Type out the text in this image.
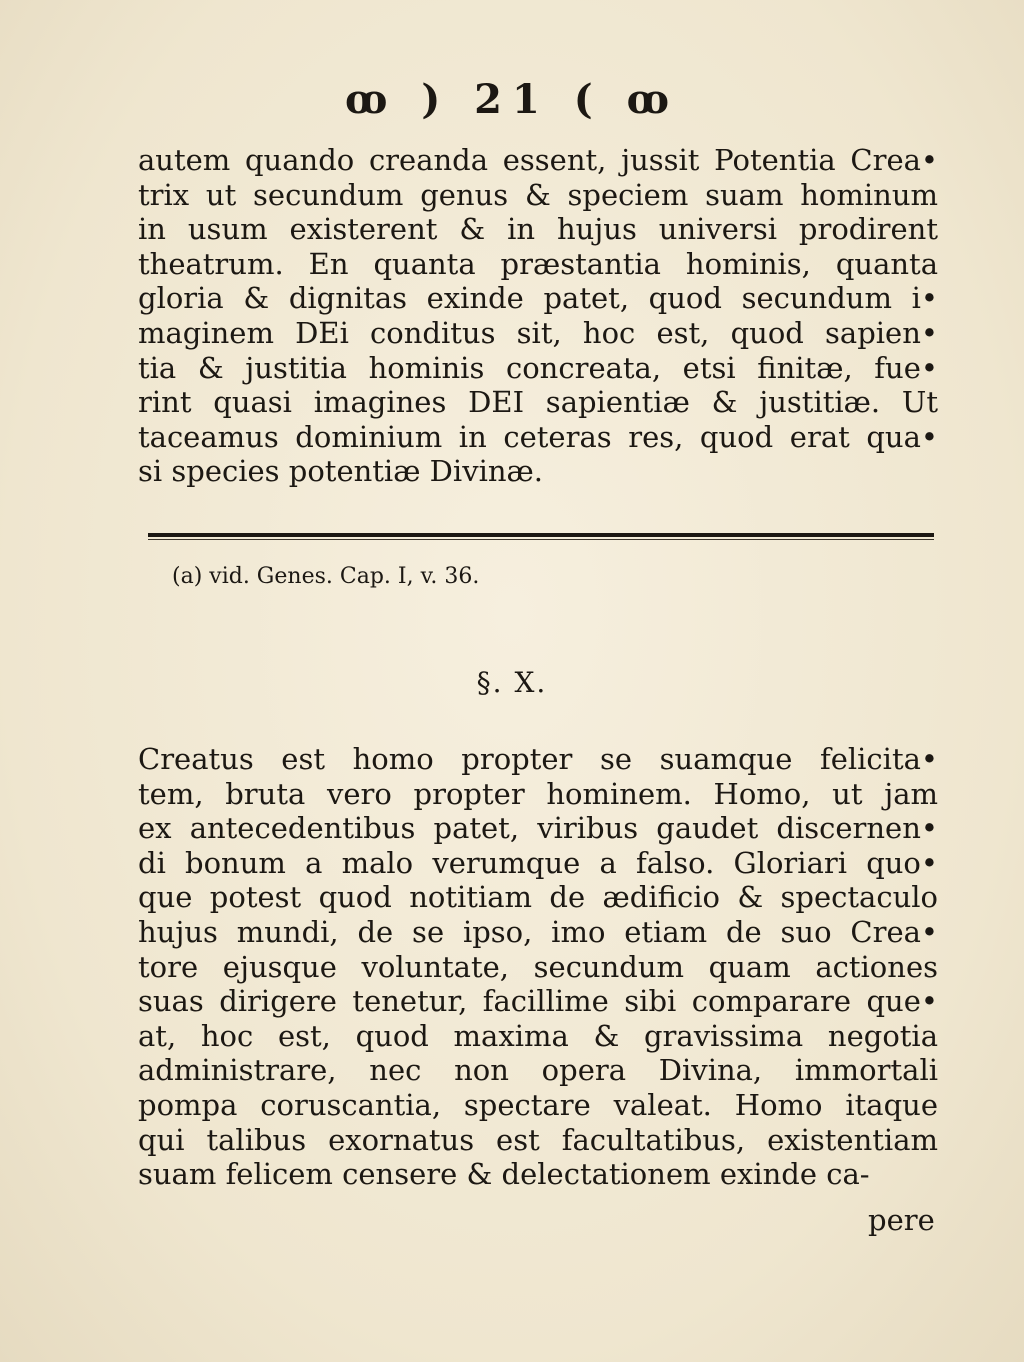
ꝏ ) 21 ( ꝏ
autem quando creanda essent, jussit Potentia Crea•
trix ut secundum genus & speciem suam hominum
in usum existerent & in hujus universi prodirent
theatrum. En quanta præstantia hominis, quanta
gloria & dignitas exinde patet, quod secundum i•
maginem DEi conditus sit, hoc est, quod sapien•
tia & justitia hominis concreata, etsi finitæ, fue•
rint quasi imagines DEI sapientiæ & justitiæ. Ut
taceamus dominium in ceteras res, quod erat qua•
si species potentiæ Divinæ.
(a) vid. Genes. Cap. I, v. 36.
§. X.
Creatus est homo propter se suamque felicita•
tem, bruta vero propter hominem. Homo, ut jam
ex antecedentibus patet, viribus gaudet discernen•
di bonum a malo verumque a falso. Gloriari quo•
que potest quod notitiam de ædificio & spectaculo
hujus mundi, de se ipso, imo etiam de suo Crea•
tore ejusque voluntate, secundum quam actiones
suas dirigere tenetur, facillime sibi comparare que•
at, hoc est, quod maxima & gravissima negotia
administrare, nec non opera Divina, immortali
pompa coruscantia, spectare valeat. Homo itaque
qui talibus exornatus est facultatibus, existentiam
suam felicem censere & delectationem exinde ca-
pere
